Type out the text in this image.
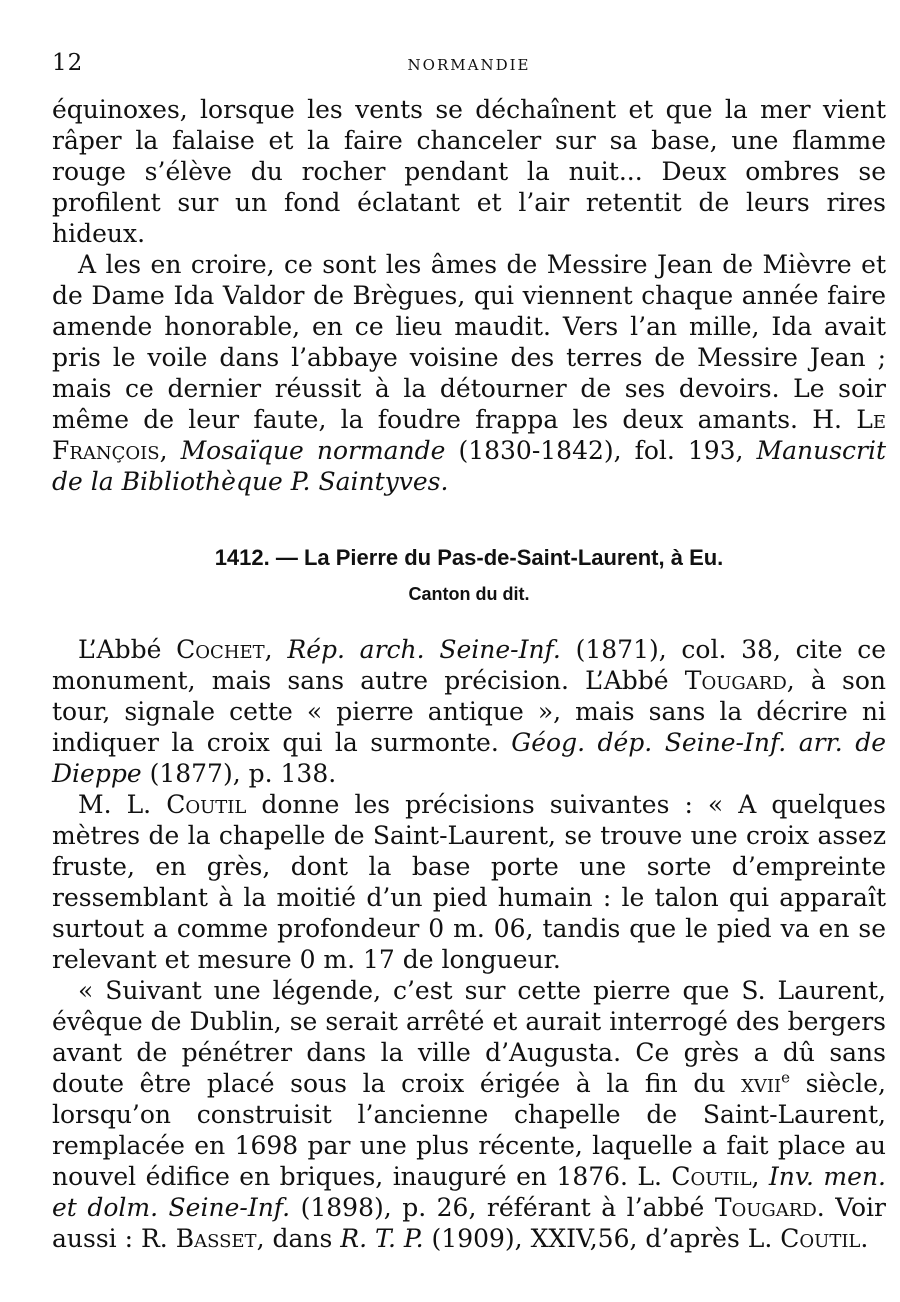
12	NORMANDIE

équinoxes, lorsque les vents se déchaînent et que la mer vient râper la falaise et la faire chanceler sur sa base, une flamme rouge s’élève du rocher pendant la nuit... Deux ombres se profilent sur un fond éclatant et l’air retentit de leurs rires hideux.

A les en croire, ce sont les âmes de Messire Jean de Mièvre et de Dame Ida Valdor de Brègues, qui viennent chaque année faire amende honorable, en ce lieu maudit. Vers l’an mille, Ida avait pris le voile dans l’abbaye voisine des terres de Messire Jean ; mais ce dernier réussit à la détourner de ses devoirs. Le soir même de leur faute, la foudre frappa les deux amants. H. Le François, Mosaïque normande (1830-1842), fol. 193, Manuscrit de la Bibliothèque P. Saintyves.

1412. — La Pierre du Pas-de-Saint-Laurent, à Eu.
Canton du dit.

L’Abbé Cochet, Rép. arch. Seine-Inf. (1871), col. 38, cite ce monument, mais sans autre précision. L’Abbé Tougard, à son tour, signale cette « pierre antique », mais sans la décrire ni indiquer la croix qui la surmonte. Géog. dép. Seine-Inf. arr. de Dieppe (1877), p. 138.

M. L. Coutil donne les précisions suivantes : « A quelques mètres de la chapelle de Saint-Laurent, se trouve une croix assez fruste, en grès, dont la base porte une sorte d’empreinte ressemblant à la moitié d’un pied humain : le talon qui apparaît surtout a comme profondeur 0 m. 06, tandis que le pied va en se relevant et mesure 0 m. 17 de longueur.

« Suivant une légende, c’est sur cette pierre que S. Laurent, évêque de Dublin, se serait arrêté et aurait interrogé des bergers avant de pénétrer dans la ville d’Augusta. Ce grès a dû sans doute être placé sous la croix érigée à la fin du xvii$^e$ siècle, lorsqu’on construisit l’ancienne chapelle de Saint-Laurent, remplacée en 1698 par une plus récente, laquelle a fait place au nouvel édifice en briques, inauguré en 1876. L. Coutil, Inv. men. et dolm. Seine-Inf. (1898), p. 26, référant à l’abbé Tougard. Voir aussi : R. Basset, dans R. T. P. (1909), XXIV,56, d’après L. Coutil.
